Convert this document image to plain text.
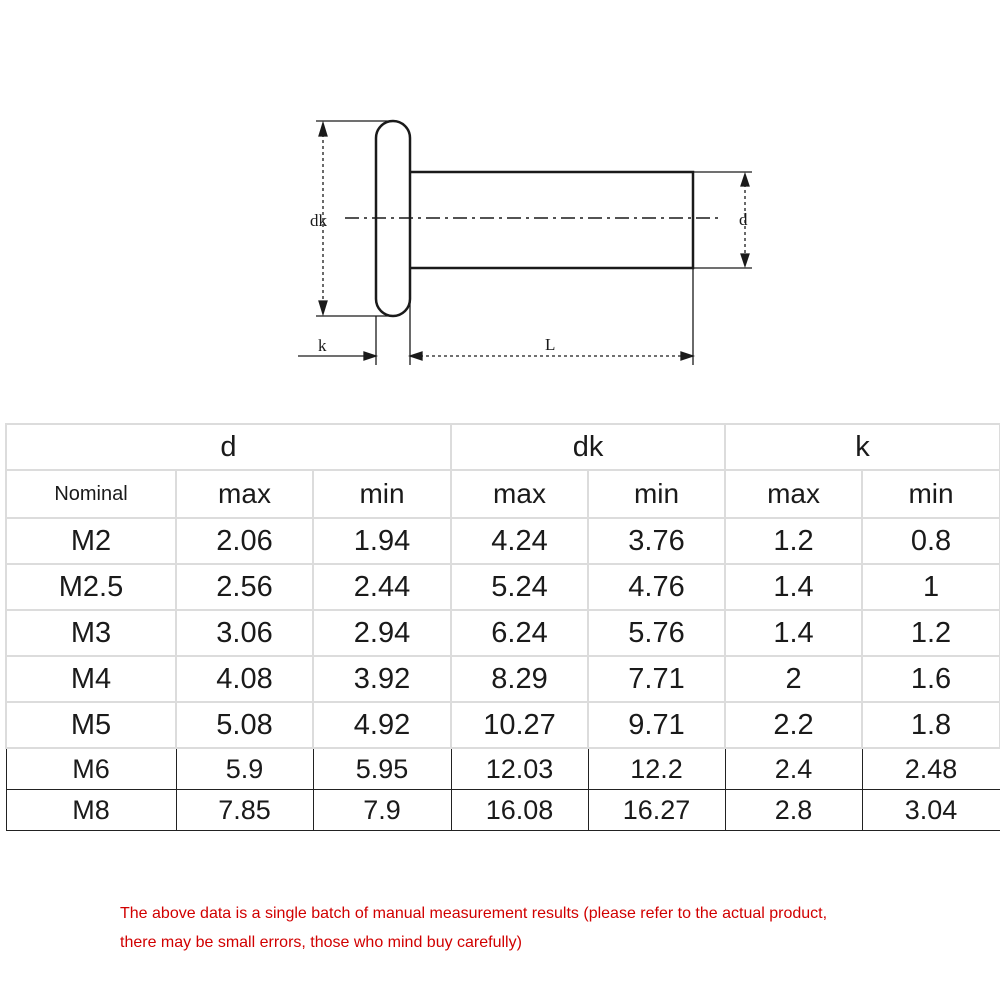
dk	d
k	L
d			dk		k	
Nominal	max	min	max	min	max	min
M2	2.06	1.94	4.24	3.76	1.2	0.8
M2.5	2.56	2.44	5.24	4.76	1.4	1
M3	3.06	2.94	6.24	5.76	1.4	1.2
M4	4.08	3.92	8.29	7.71	2	1.6
M5	5.08	4.92	10.27	9.71	2.2	1.8
M6	5.9	5.95	12.03	12.2	2.4	2.48
M8	7.85	7.9	16.08	16.27	2.8	3.04
The above data is a single batch of manual measurement results (please refer to the actual product,
there may be small errors, those who mind buy carefully)
